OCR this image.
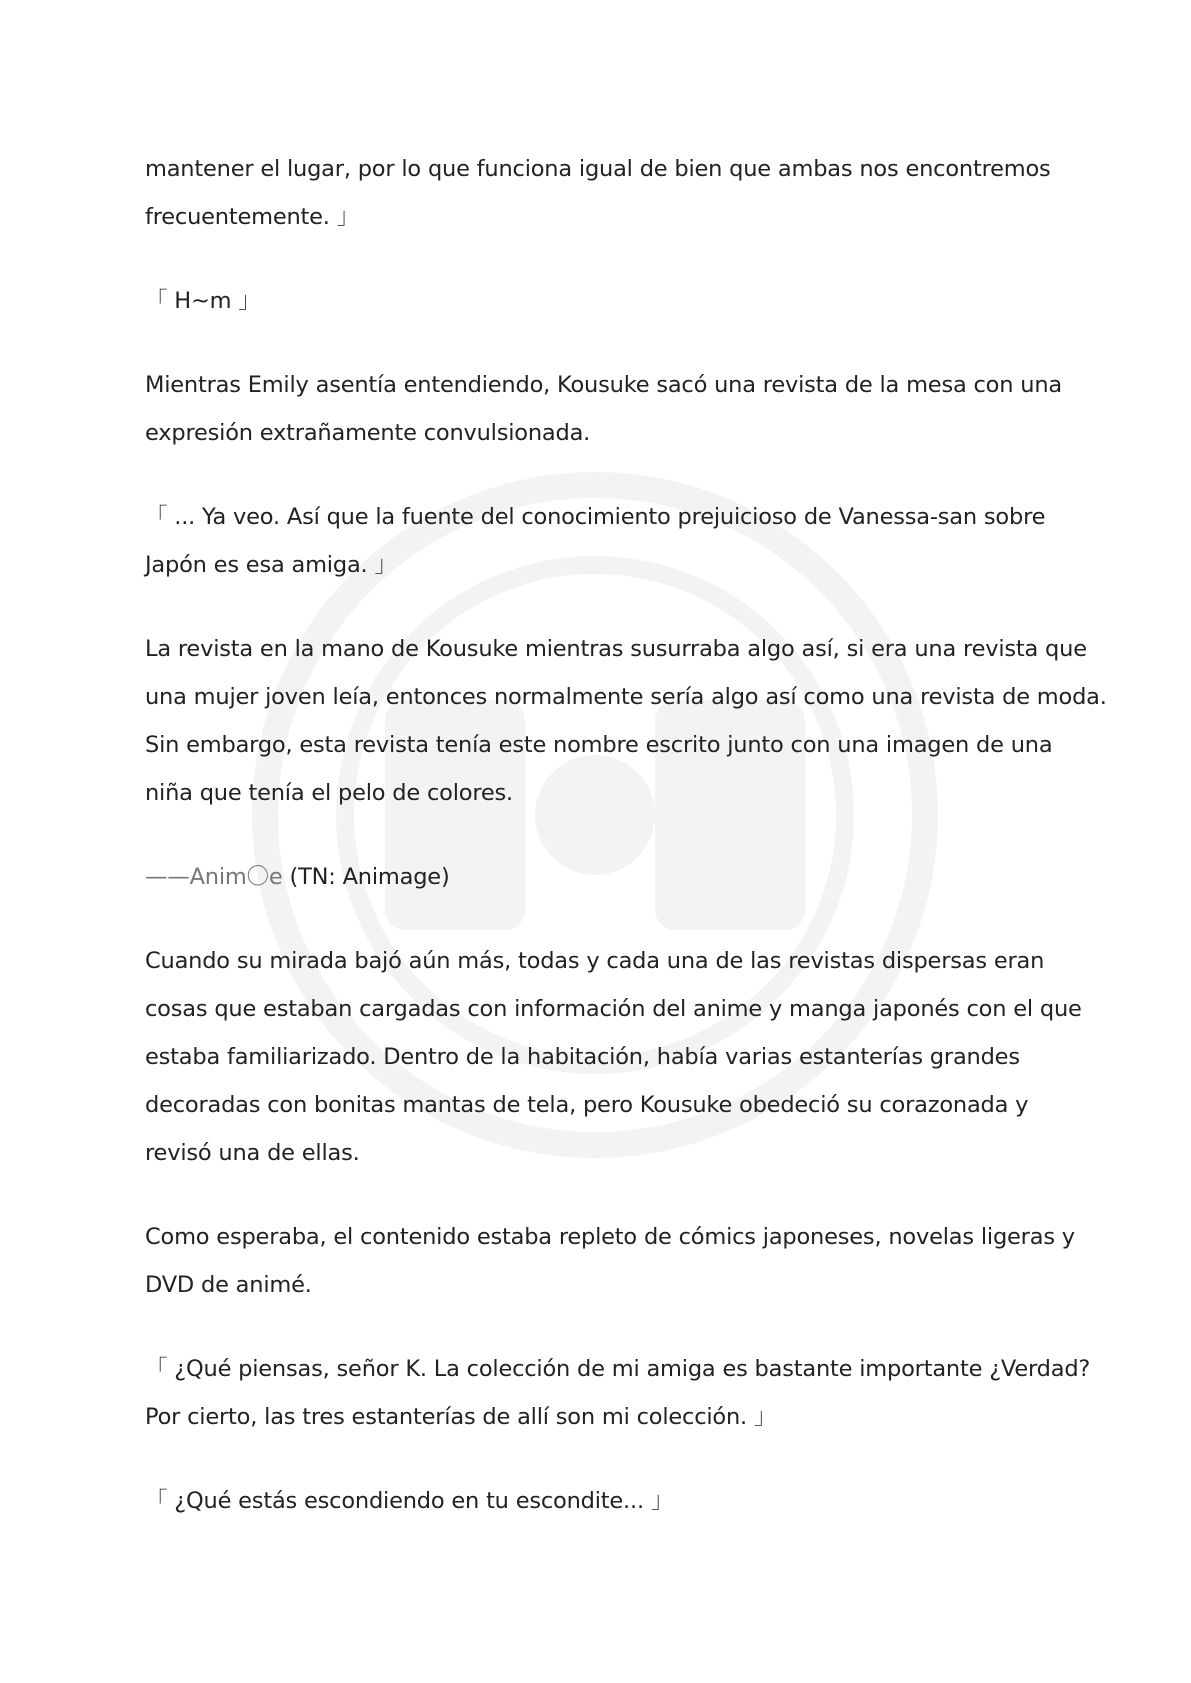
mantener el lugar, por lo que funciona igual de bien que ambas nos encontremos
frecuentemente. 」

「 H~m 」

Mientras Emily asentía entendiendo, Kousuke sacó una revista de la mesa con una
expresión extrañamente convulsionada.

「 ... Ya veo. Así que la fuente del conocimiento prejuicioso de Vanessa-san sobre
Japón es esa amiga. 」

La revista en la mano de Kousuke mientras susurraba algo así, si era una revista que
una mujer joven leía, entonces normalmente sería algo así como una revista de moda.
Sin embargo, esta revista tenía este nombre escrito junto con una imagen de una
niña que tenía el pelo de colores.

——Anim〇e (TN: Animage)

Cuando su mirada bajó aún más, todas y cada una de las revistas dispersas eran
cosas que estaban cargadas con información del anime y manga japonés con el que
estaba familiarizado. Dentro de la habitación, había varias estanterías grandes
decoradas con bonitas mantas de tela, pero Kousuke obedeció su corazonada y
revisó una de ellas.

Como esperaba, el contenido estaba repleto de cómics japoneses, novelas ligeras y
DVD de animé.

「 ¿Qué piensas, señor K. La colección de mi amiga es bastante importante ¿Verdad?
Por cierto, las tres estanterías de allí son mi colección. 」

「 ¿Qué estás escondiendo en tu escondite... 」
